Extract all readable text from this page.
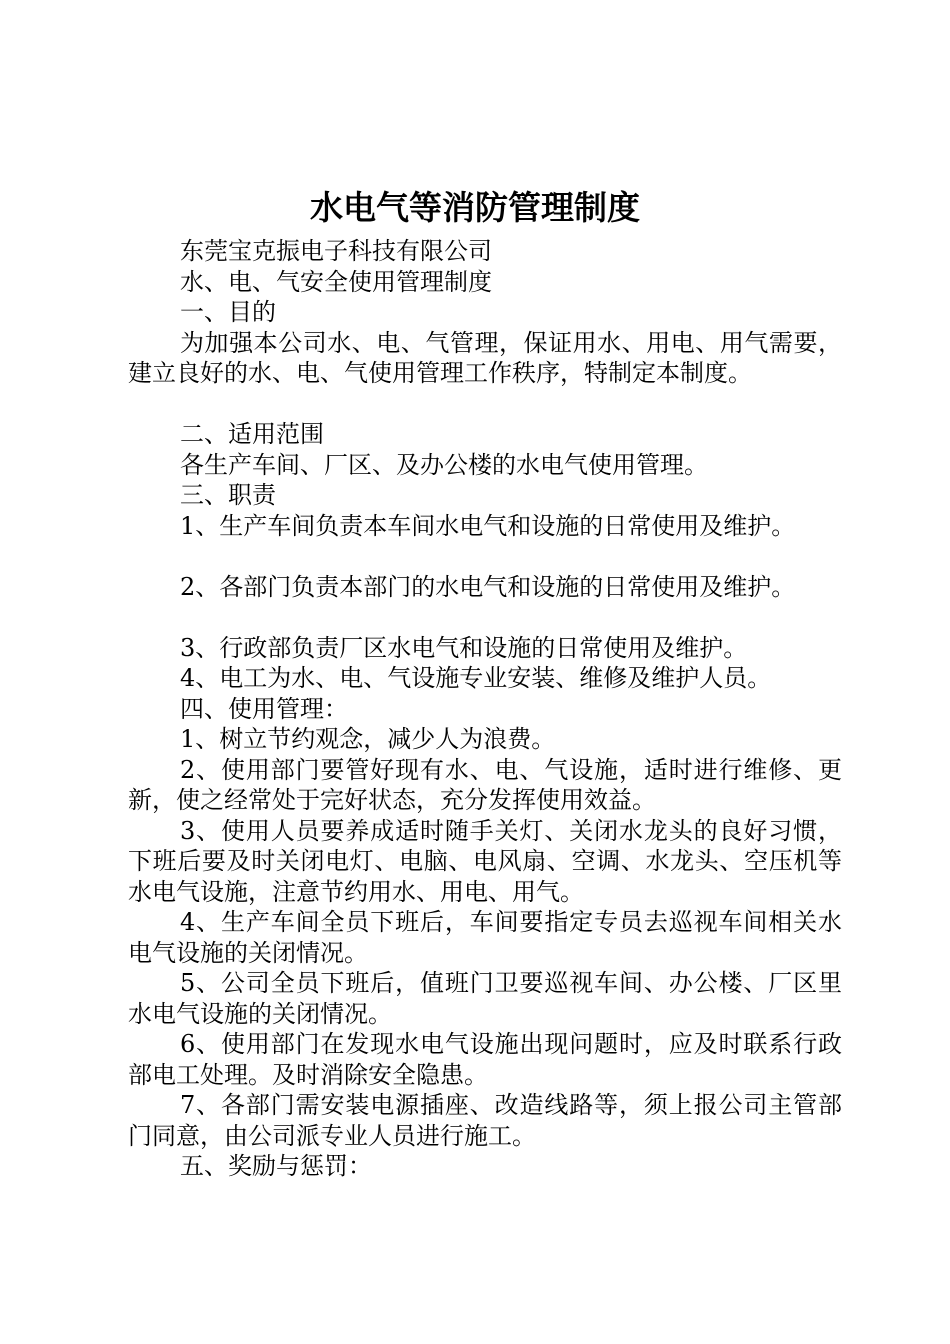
水电气等消防管理制度

东莞宝克振电子科技有限公司

水、电、气安全使用管理制度

一、目的

为加强本公司水、电、气管理，保证用水、用电、用气需要，建立良好的水、电、气使用管理工作秩序，特制定本制度。

二、适用范围

各生产车间、厂区、及办公楼的水电气使用管理。

三、职责

1、生产车间负责本车间水电气和设施的日常使用及维护。

2、各部门负责本部门的水电气和设施的日常使用及维护。

3、行政部负责厂区水电气和设施的日常使用及维护。

4、电工为水、电、气设施专业安装、维修及维护人员。

四、使用管理：

1、树立节约观念，减少人为浪费。

2、使用部门要管好现有水、电、气设施，适时进行维修、更新，使之经常处于完好状态，充分发挥使用效益。

3、使用人员要养成适时随手关灯、关闭水龙头的良好习惯，下班后要及时关闭电灯、电脑、电风扇、空调、水龙头、空压机等水电气设施，注意节约用水、用电、用气。

4、生产车间全员下班后，车间要指定专员去巡视车间相关水电气设施的关闭情况。

5、公司全员下班后，值班门卫要巡视车间、办公楼、厂区里水电气设施的关闭情况。

6、使用部门在发现水电气设施出现问题时，应及时联系行政部电工处理。及时消除安全隐患。

7、各部门需安装电源插座、改造线路等，须上报公司主管部门同意，由公司派专业人员进行施工。

五、奖励与惩罚：
